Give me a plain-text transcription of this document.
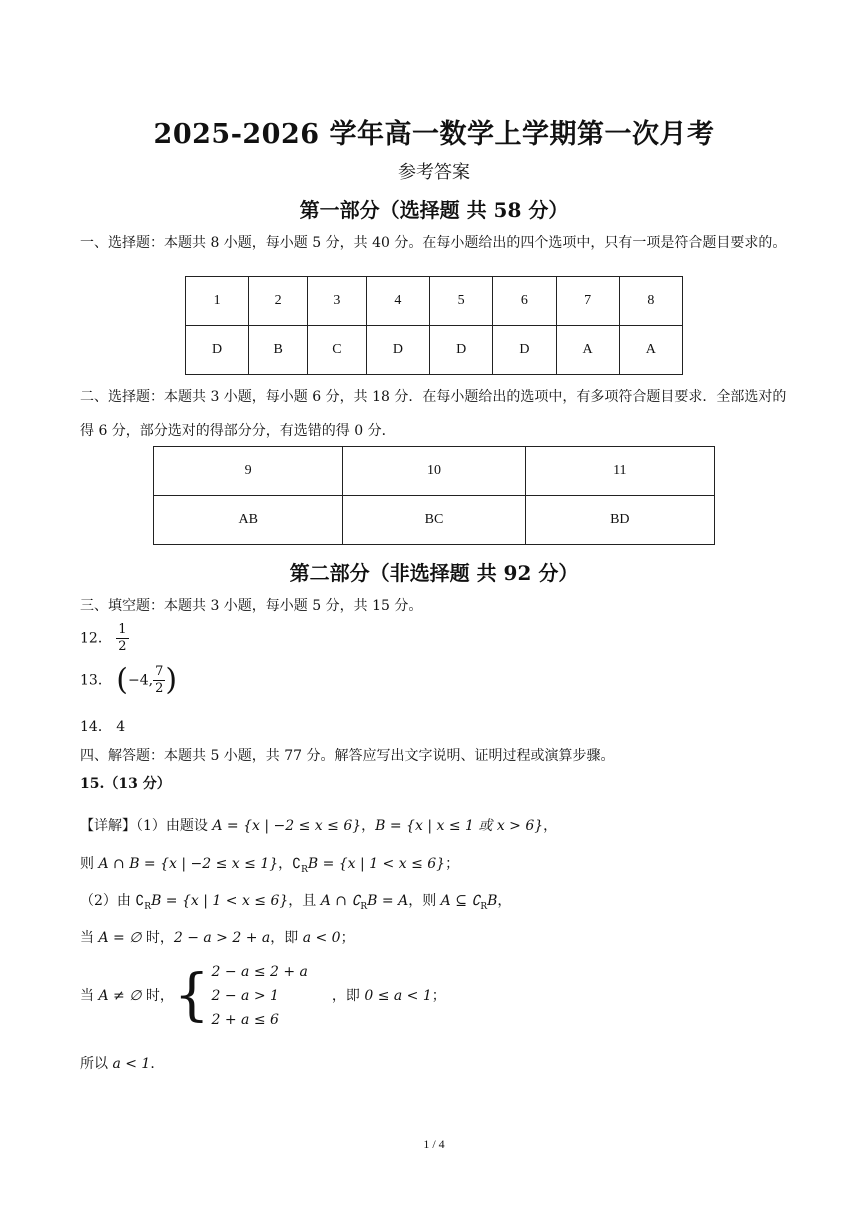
2025-2026 学年高一数学上学期第一次月考
参考答案
第一部分（选择题 共 58 分）
一、选择题：本题共 8 小题，每小题 5 分，共 40 分。在每小题给出的四个选项中，只有一项是符合题目要求的。
1	2	3	4	5	6	7	8
D	B	C	D	D	D	A	A
二、选择题：本题共 3 小题，每小题 6 分，共 18 分．在每小题给出的选项中，有多项符合题目要求．全部选对的得 6 分，部分选对的得部分分，有选错的得 0 分．
9	10	11
AB	BC	BD
第二部分（非选择题 共 92 分）
三、填空题：本题共 3 小题，每小题 5 分，共 15 分。
12． $\frac{1}{2}$
13． (−4, $\frac{7}{2}$ )
14． 4
四、解答题：本题共 5 小题，共 77 分。解答应写出文字说明、证明过程或演算步骤。
15.（13 分）
【详解】（1）由题设 A = {x | −2 ≤ x ≤ 6}，B = {x | x ≤ 1 或 x > 6}，
则 A ∩ B = {x | −2 ≤ x ≤ 1}，$∁_RB = \{x$ | 1 < x ≤ 6}；
（2）由 $∁_RB = \{x$ | 1 < x ≤ 6}，且 A ∩ $∁_RB = A$，则 A ⊆ $∁_RB$，
当 A = ∅ 时，2 − a > 2 + a，即 a < 0；
当 A ≠ ∅ 时， { 2 − a ≤ 2 + a
2 − a > 1
2 + a ≤ 6
，即 0 ≤ a < 1；
所以 a < 1．
1 / 4
